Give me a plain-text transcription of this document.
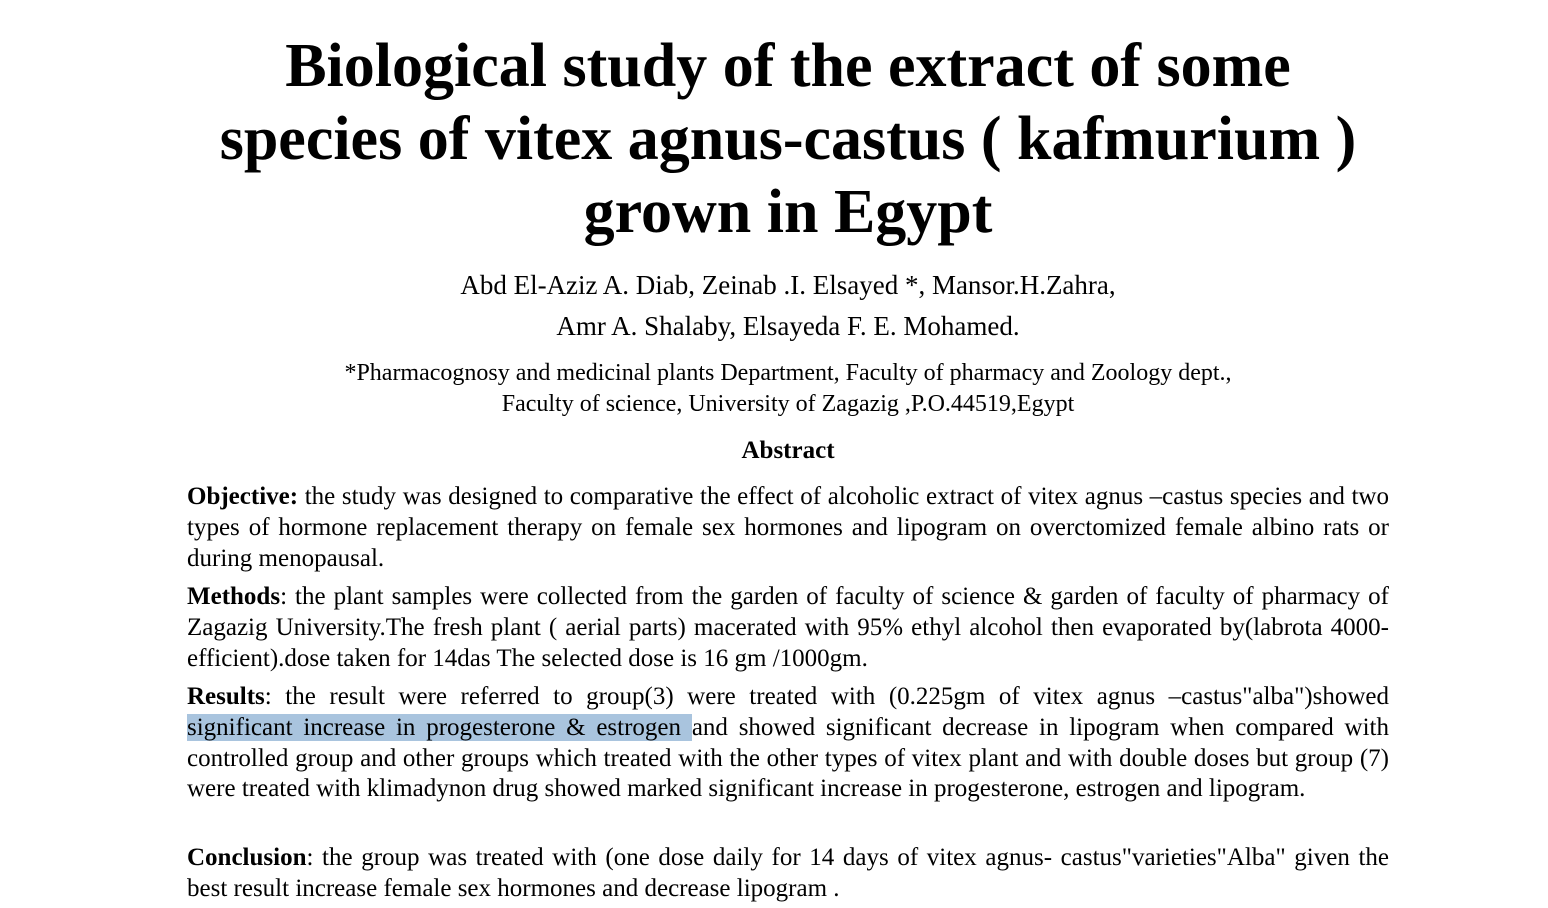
Biological study of the extract of some
species of vitex agnus-castus ( kafmurium )
grown in Egypt
Abd El-Aziz A. Diab, Zeinab .I. Elsayed *, Mansor.H.Zahra,
Amr A. Shalaby, Elsayeda F. E. Mohamed.
*Pharmacognosy and medicinal plants Department, Faculty of pharmacy and Zoology dept.,
Faculty of science, University of Zagazig ,P.O.44519,Egypt
Abstract

Objective: the study was designed to comparative the effect of alcoholic extract of vitex agnus –castus species and two types of hormone replacement therapy on female sex hormones and lipogram on overctomized female albino rats or during menopausal.

Methods: the plant samples were collected from the garden of faculty of science & garden of faculty of pharmacy of Zagazig University.The fresh plant ( aerial parts) macerated with 95% ethyl alcohol then evaporated by(labrota 4000-efficient).dose taken for 14das The selected dose is 16 gm /1000gm.

Results: the result were referred to group(3) were treated with (0.225gm of vitex agnus –castus"alba")showed significant increase in progesterone & estrogen and showed significant decrease in lipogram when compared with controlled group and other groups which treated with the other types of vitex plant and with double doses but group (7) were treated with klimadynon drug showed marked significant increase in progesterone, estrogen and lipogram.

Conclusion: the group was treated with (one dose daily for 14 days of vitex agnus- castus"varieties"Alba" given the best result increase female sex hormones and decrease lipogram .
